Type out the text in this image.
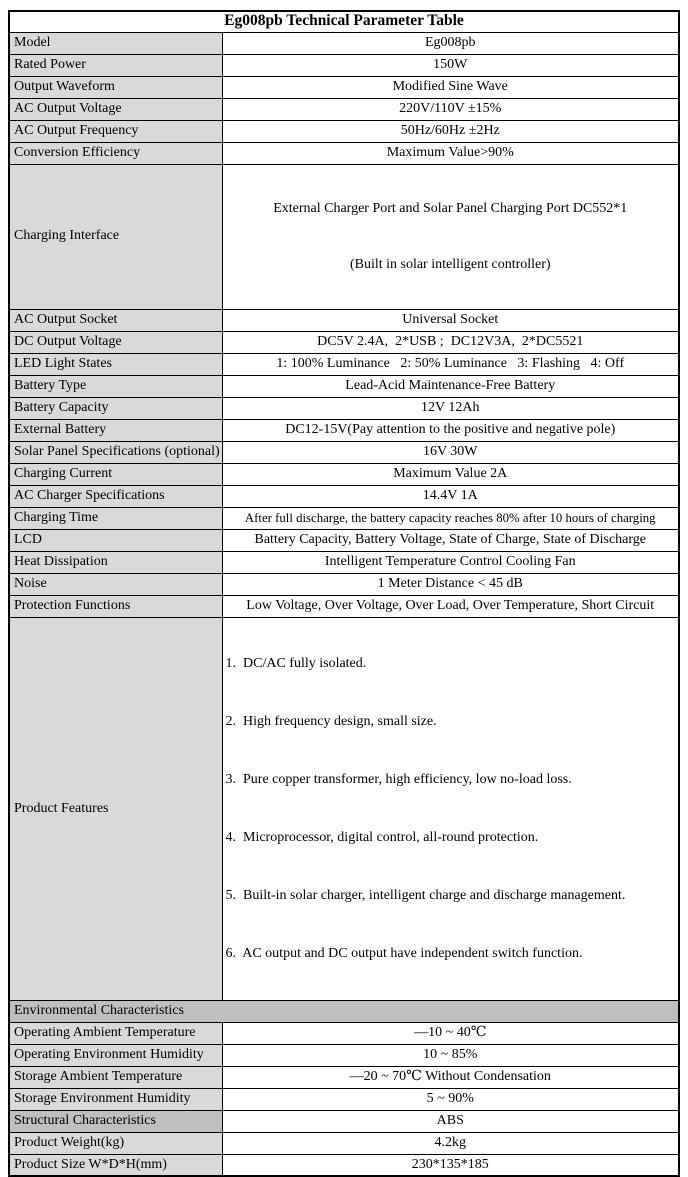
Eg008pb Technical Parameter Table	
Model	Eg008pb
Rated Power	150W
Output Waveform	Modified Sine Wave
AC Output Voltage	220V/110V ±15%
AC Output Frequency	50Hz/60Hz ±2Hz
Conversion Efficiency	Maximum Value>90%
Charging Interface	External Charger Port and Solar Panel Charging Port DC552*1

(Built in solar intelligent controller)

AC Output Socket	Universal Socket
DC Output Voltage	DC5V 2.4A,  2*USB ;  DC12V3A,  2*DC5521
LED Light States	1: 100% Luminance   2: 50% Luminance   3: Flashing   4: Off
Battery Type	Lead-Acid Maintenance-Free Battery
Battery Capacity	12V 12Ah
External Battery	DC12-15V(Pay attention to the positive and negative pole)
Solar Panel Specifications (optional)	16V 30W
Charging Current	Maximum Value 2A
AC Charger Specifications	14.4V 1A
Charging Time	After full discharge, the battery capacity reaches 80% after 10 hours of charging
LCD	Battery Capacity, Battery Voltage, State of Charge, State of Discharge
Heat Dissipation	Intelligent Temperature Control Cooling Fan
Noise	1 Meter Distance < 45 dB
Protection Functions	Low Voltage, Over Voltage, Over Load, Over Temperature, Short Circuit
Product Features	

1.  DC/AC fully isolated.

2.  High frequency design, small size.

3.  Pure copper transformer, high efficiency, low no-load loss.

4.  Microprocessor, digital control, all-round protection.

5.  Built-in solar charger, intelligent charge and discharge management.

6.  AC output and DC output have independent switch function.

Environmental Characteristics	
Operating Ambient Temperature	—10 ~ 40℃
Operating Environment Humidity	10 ~ 85%
Storage Ambient Temperature	—20 ~ 70℃ Without Condensation
Storage Environment Humidity	5 ~ 90%
Structural Characteristics	ABS
Product Weight(kg)	4.2kg
Product Size W*D*H(mm)	230*135*185
